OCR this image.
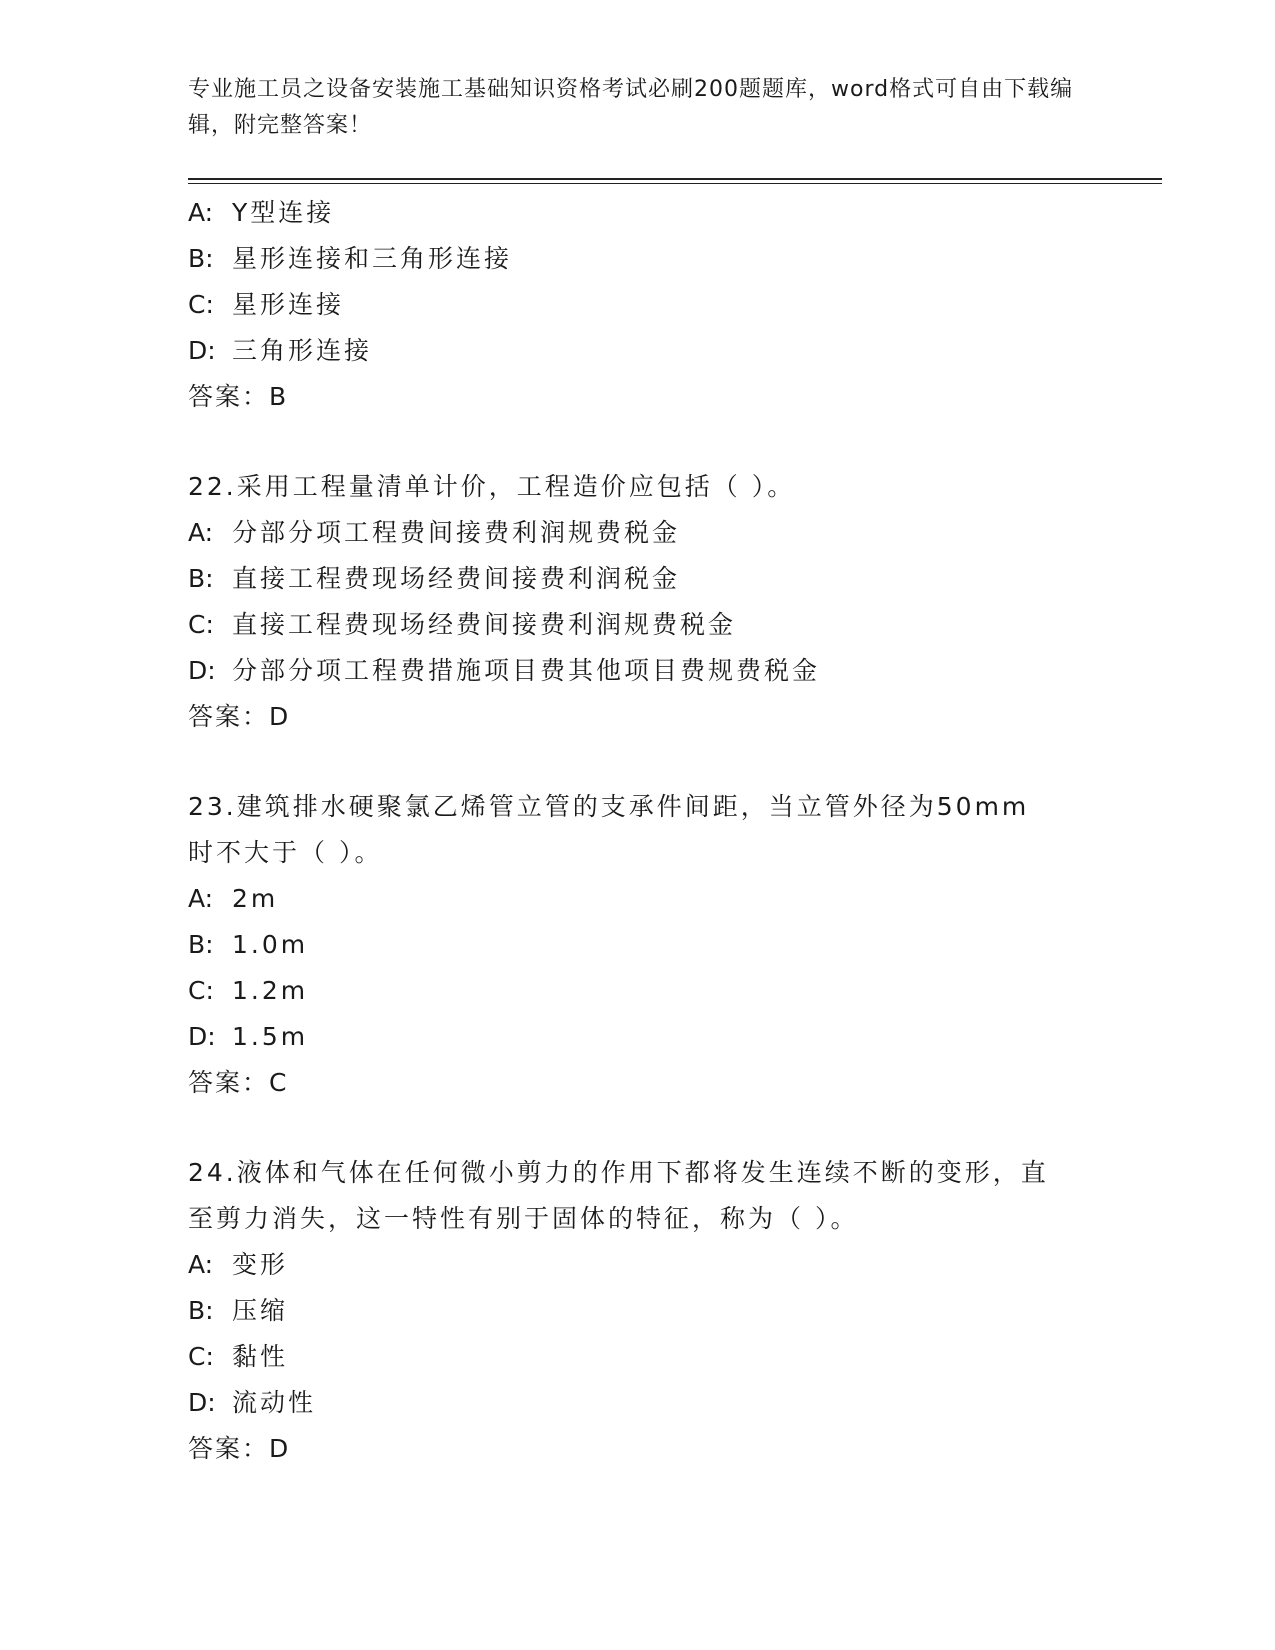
专业施工员之设备安装施工基础知识资格考试必刷200题题库，word格式可自由下载编辑，附完整答案！
A: Y型连接
B: 星形连接和三角形连接
C: 星形连接
D: 三角形连接
答案：B
22.采用工程量清单计价，工程造价应包括（ ）。
A: 分部分项工程费间接费利润规费税金
B: 直接工程费现场经费间接费利润税金
C: 直接工程费现场经费间接费利润规费税金
D: 分部分项工程费措施项目费其他项目费规费税金
答案：D
23.建筑排水硬聚氯乙烯管立管的支承件间距，当立管外径为50mm时不大于（ ）。
A: 2m
B: 1.0m
C: 1.2m
D: 1.5m
答案：C
24.液体和气体在任何微小剪力的作用下都将发生连续不断的变形，直至剪力消失，这一特性有别于固体的特征，称为（ ）。
A: 变形
B: 压缩
C: 黏性
D: 流动性
答案：D
